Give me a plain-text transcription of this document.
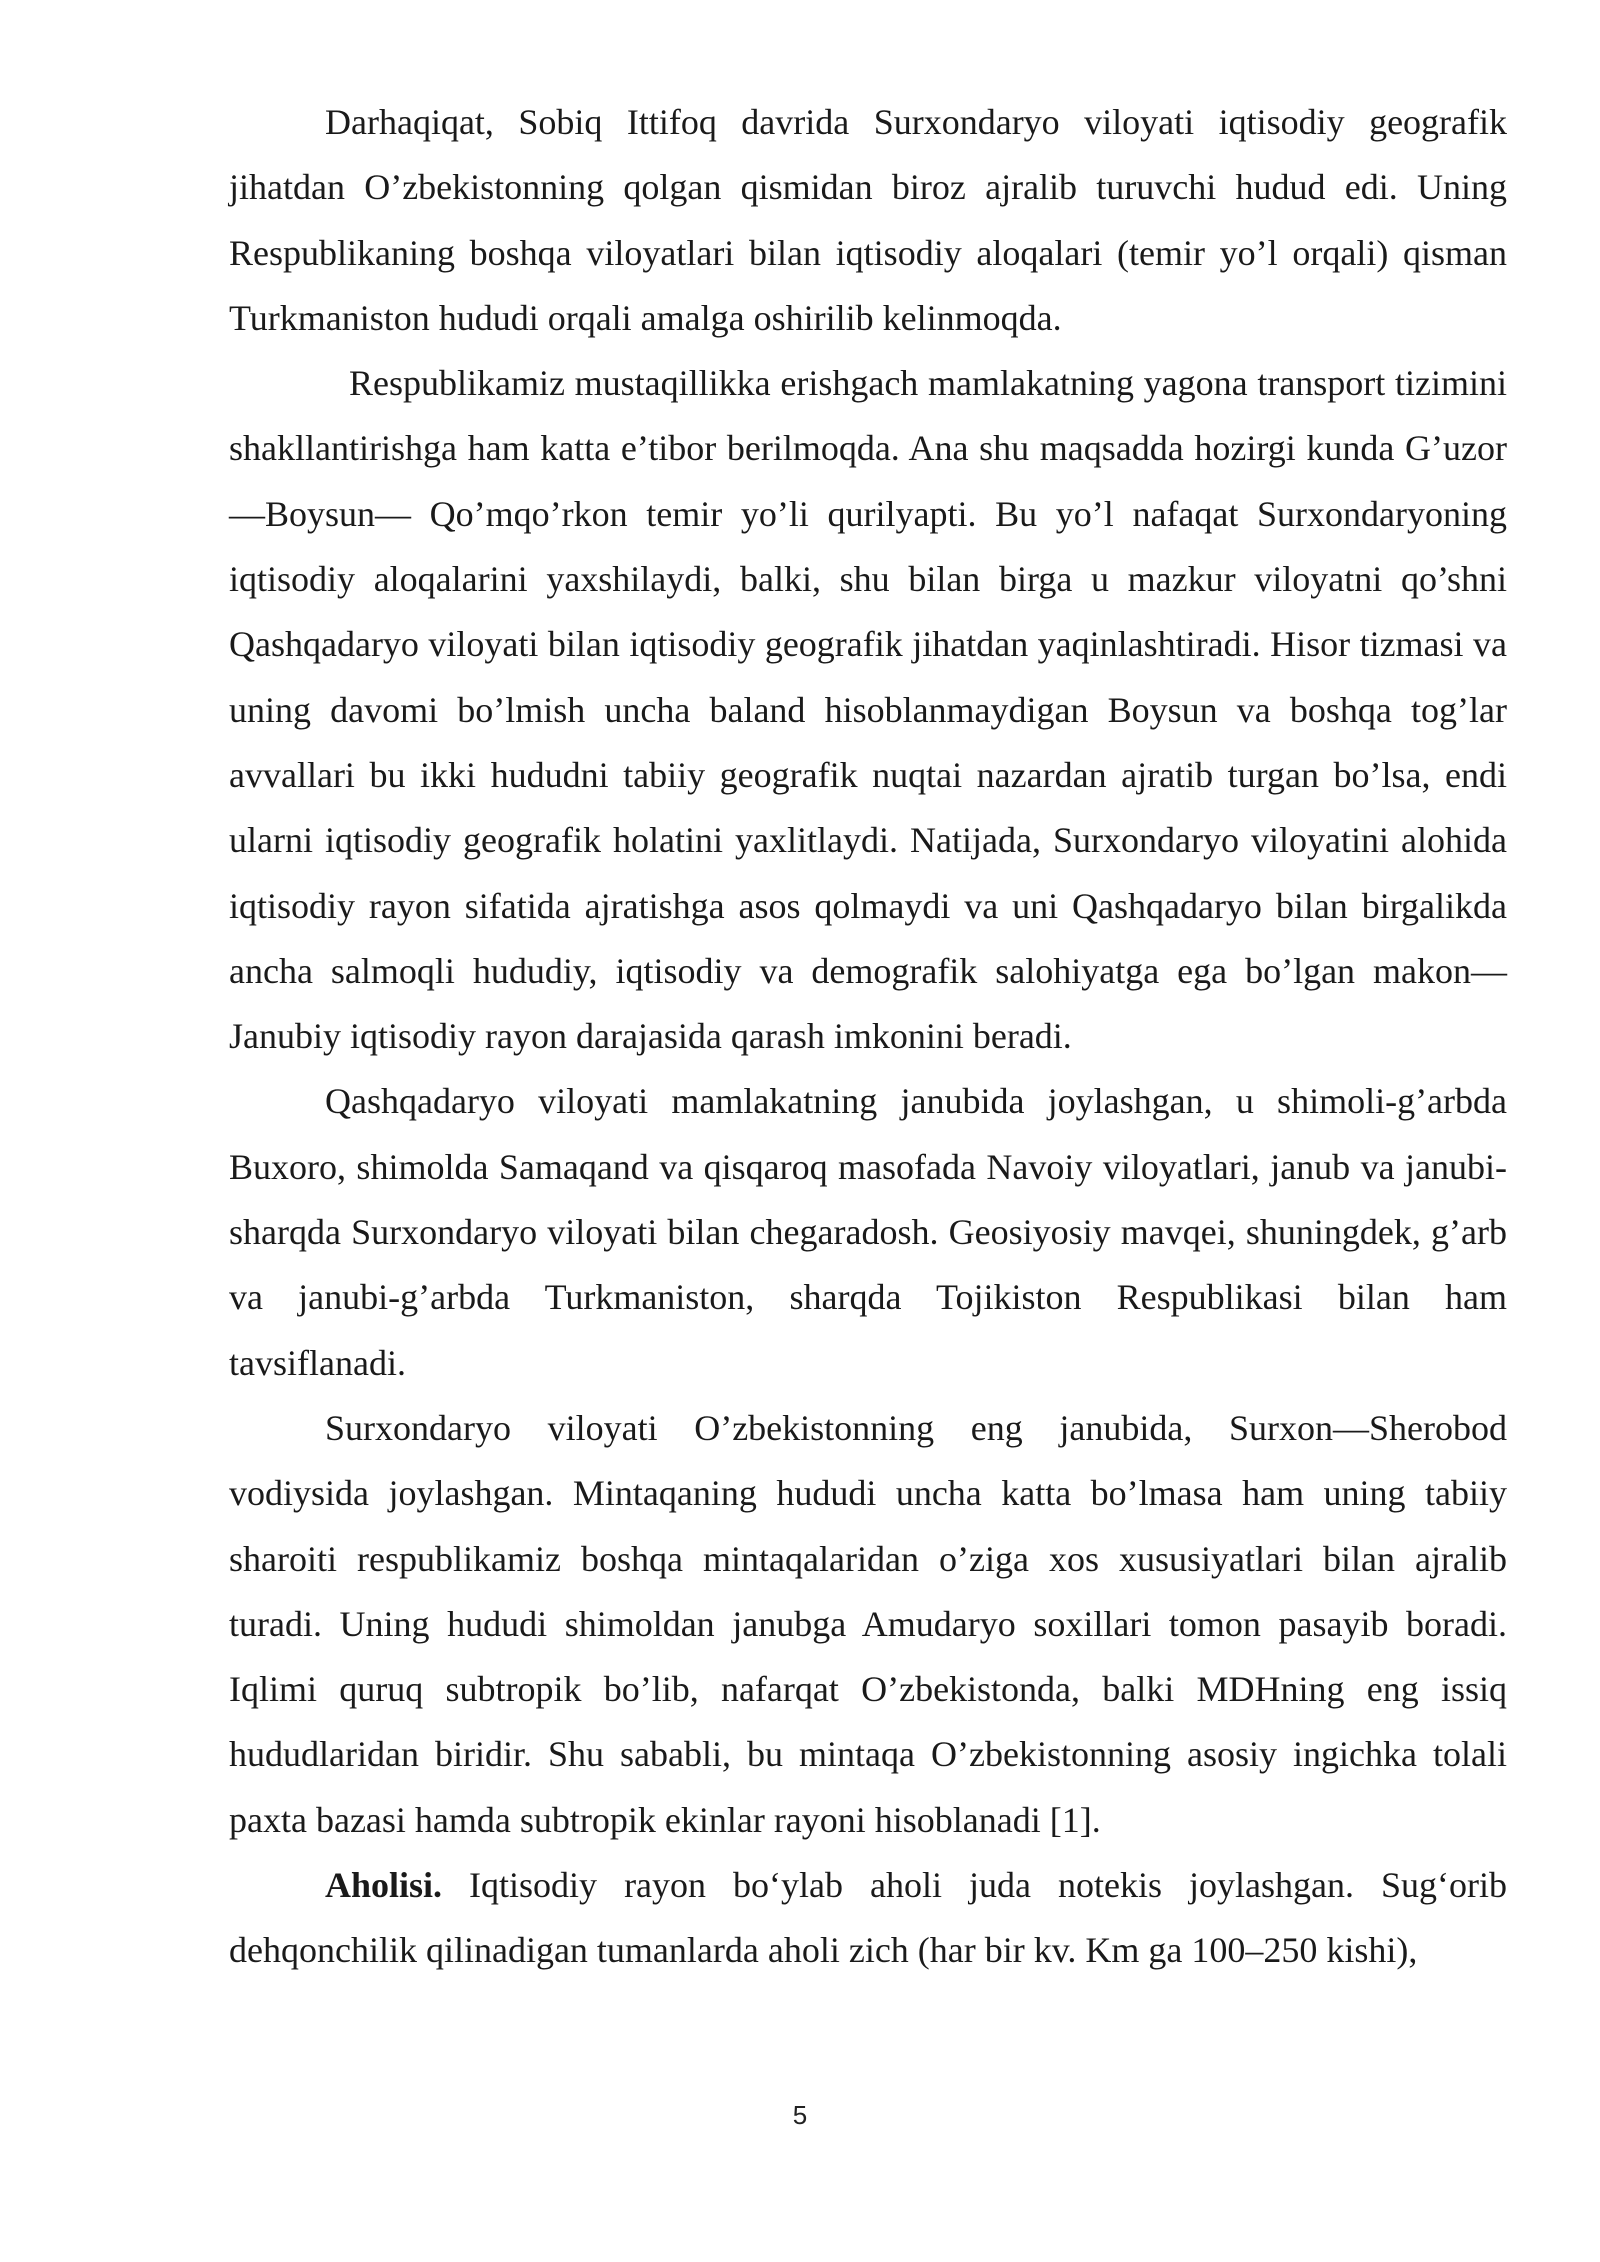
Darhaqiqat, Sobiq Ittifoq davrida Surxondaryo viloyati iqtisodiy geografik jihatdan O’zbekistonning qolgan qismidan biroz ajralib turuvchi hudud edi. Uning Respublikaning boshqa viloyatlari bilan iqtisodiy aloqalari (temir yo’l orqali) qisman Turkmaniston hududi orqali amalga oshirilib kelinmoqda.

Respublikamiz mustaqillikka erishgach mamlakatning yagona transport tizimini shakllantirishga ham katta e’tibor berilmoqda. Ana shu maqsadda hozirgi kunda G’uzor—Boysun— Qo’mqo’rkon temir yo’li qurilyapti. Bu yo’l nafaqat Surxondaryoning iqtisodiy aloqalarini yaxshilaydi, balki, shu bilan birga u mazkur viloyatni qo’shni Qashqadaryo viloyati bilan iqtisodiy geografik jihatdan yaqinlashtiradi. Hisor tizmasi va uning davomi bo’lmish uncha baland hisoblanmaydigan Boysun va boshqa tog’lar avvallari bu ikki hududni tabiiy geografik nuqtai nazardan ajratib turgan bo’lsa, endi ularni iqtisodiy geografik holatini yaxlitlaydi. Natijada, Surxondaryo viloyatini alohida iqtisodiy rayon sifatida ajratishga asos qolmaydi va uni Qashqadaryo bilan birgalikda ancha salmoqli hududiy, iqtisodiy va demografik salohiyatga ega bo’lgan makon—Janubiy iqtisodiy rayon darajasida qarash imkonini beradi.

Qashqadaryo viloyati mamlakatning janubida joylashgan, u shimoli-g’arbda Buxoro, shimolda Samaqand va qisqaroq masofada Navoiy viloyatlari, janub va janubi-sharqda Surxondaryo viloyati bilan chegaradosh. Geosiyosiy mavqei, shuningdek, g’arb va janubi-g’arbda Turkmaniston, sharqda Tojikiston Respublikasi bilan ham tavsiflanadi.

Surxondaryo viloyati O’zbekistonning eng janubida, Surxon—Sherobod vodiysida joylashgan. Mintaqaning hududi uncha katta bo’lmasa ham uning tabiiy sharoiti respublikamiz boshqa mintaqalaridan o’ziga xos xususiyatlari bilan ajralib turadi. Uning hududi shimoldan janubga Amudaryo soxillari tomon pasayib boradi. Iqlimi quruq subtropik bo’lib, nafarqat O’zbekistonda, balki MDHning eng issiq hududlaridan biridir. Shu sababli, bu mintaqa O’zbekistonning asosiy ingichka tolali paxta bazasi hamda subtropik ekinlar rayoni hisoblanadi [1].

Aholisi. Iqtisodiy rayon bo‘ylab aholi juda notekis joylashgan. Sug‘orib dehqonchilik qilinadigan tumanlarda aholi zich (har bir kv. Km ga 100–250 kishi),

5
